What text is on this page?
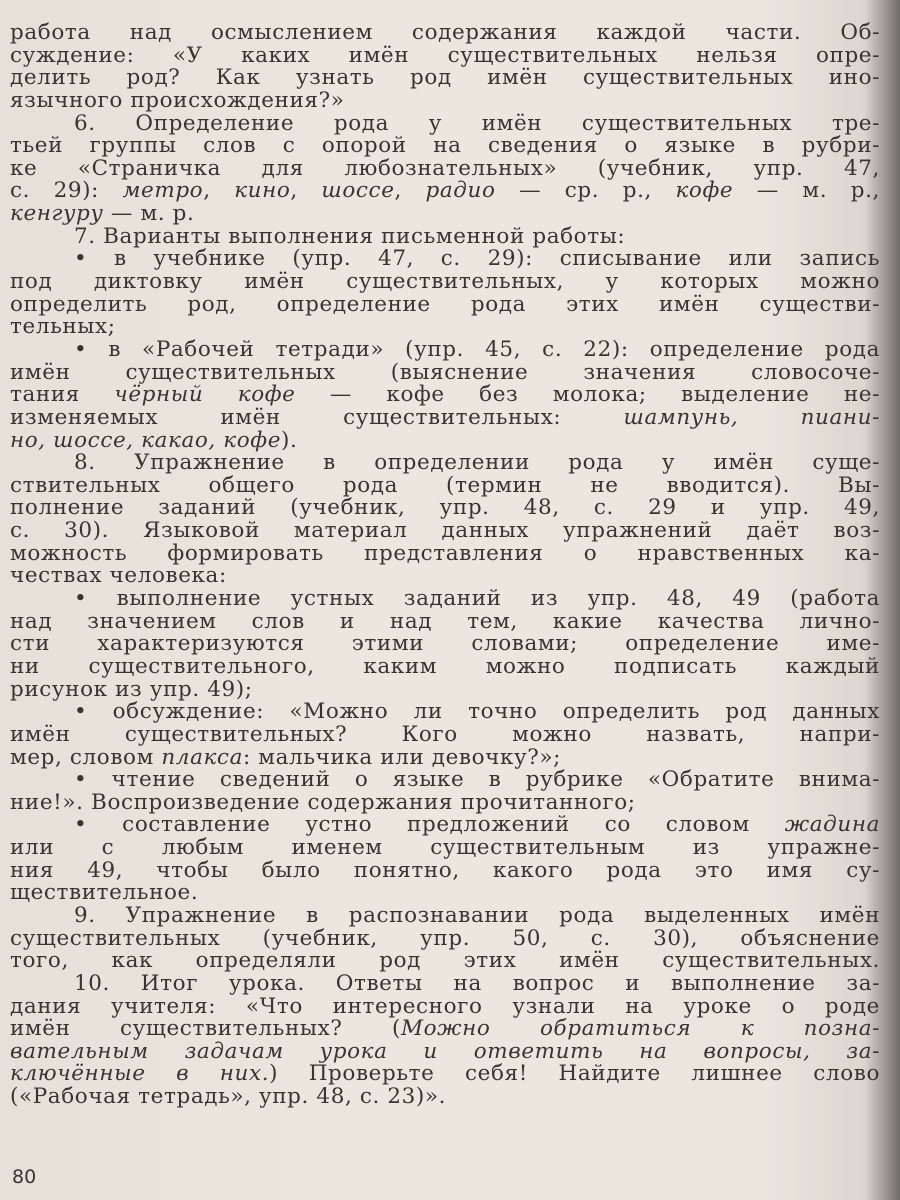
работа над осмыслением содержания каждой части. Об-
суждение: «У каких имён существительных нельзя опре-
делить род? Как узнать род имён существительных ино-
язычного происхождения?»
6. Определение рода у имён существительных тре-
тьей группы слов с опорой на сведения о языке в рубри-
ке «Страничка для любознательных» (учебник, упр. 47,
с. 29): метро, кино, шоссе, радио — ср. р., кофе — м. р.,
кенгуру — м. р.
7. Варианты выполнения письменной работы:
• в учебнике (упр. 47, с. 29): списывание или запись
под диктовку имён существительных, у которых можно
определить род, определение рода этих имён существи-
тельных;
• в «Рабочей тетради» (упр. 45, с. 22): определение рода
имён существительных (выяснение значения словосоче-
тания чёрный кофе — кофе без молока; выделение не-
изменяемых имён существительных: шампунь, пиани-
но, шоссе, какао, кофе).
8. Упражнение в определении рода у имён суще-
ствительных общего рода (термин не вводится). Вы-
полнение заданий (учебник, упр. 48, с. 29 и упр. 49,
с. 30). Языковой материал данных упражнений даёт воз-
можность формировать представления о нравственных ка-
чествах человека:
• выполнение устных заданий из упр. 48, 49 (работа
над значением слов и над тем, какие качества лично-
сти характеризуются этими словами; определение име-
ни существительного, каким можно подписать каждый
рисунок из упр. 49);
• обсуждение: «Можно ли точно определить род данных
имён существительных? Кого можно назвать, напри-
мер, словом плакса: мальчика или девочку?»;
• чтение сведений о языке в рубрике «Обратите внима-
ние!». Воспроизведение содержания прочитанного;
• составление устно предложений со словом жадина
или с любым именем существительным из упражне-
ния 49, чтобы было понятно, какого рода это имя су-
ществительное.
9. Упражнение в распознавании рода выделенных имён
существительных (учебник, упр. 50, с. 30), объяснение
того, как определяли род этих имён существительных.
10. Итог урока. Ответы на вопрос и выполнение за-
дания учителя: «Что интересного узнали на уроке о роде
имён существительных? (Можно обратиться к позна-
вательным задачам урока и ответить на вопросы, за-
ключённые в них.) Проверьте себя! Найдите лишнее слово
(«Рабочая тетрадь», упр. 48, с. 23)».
80
